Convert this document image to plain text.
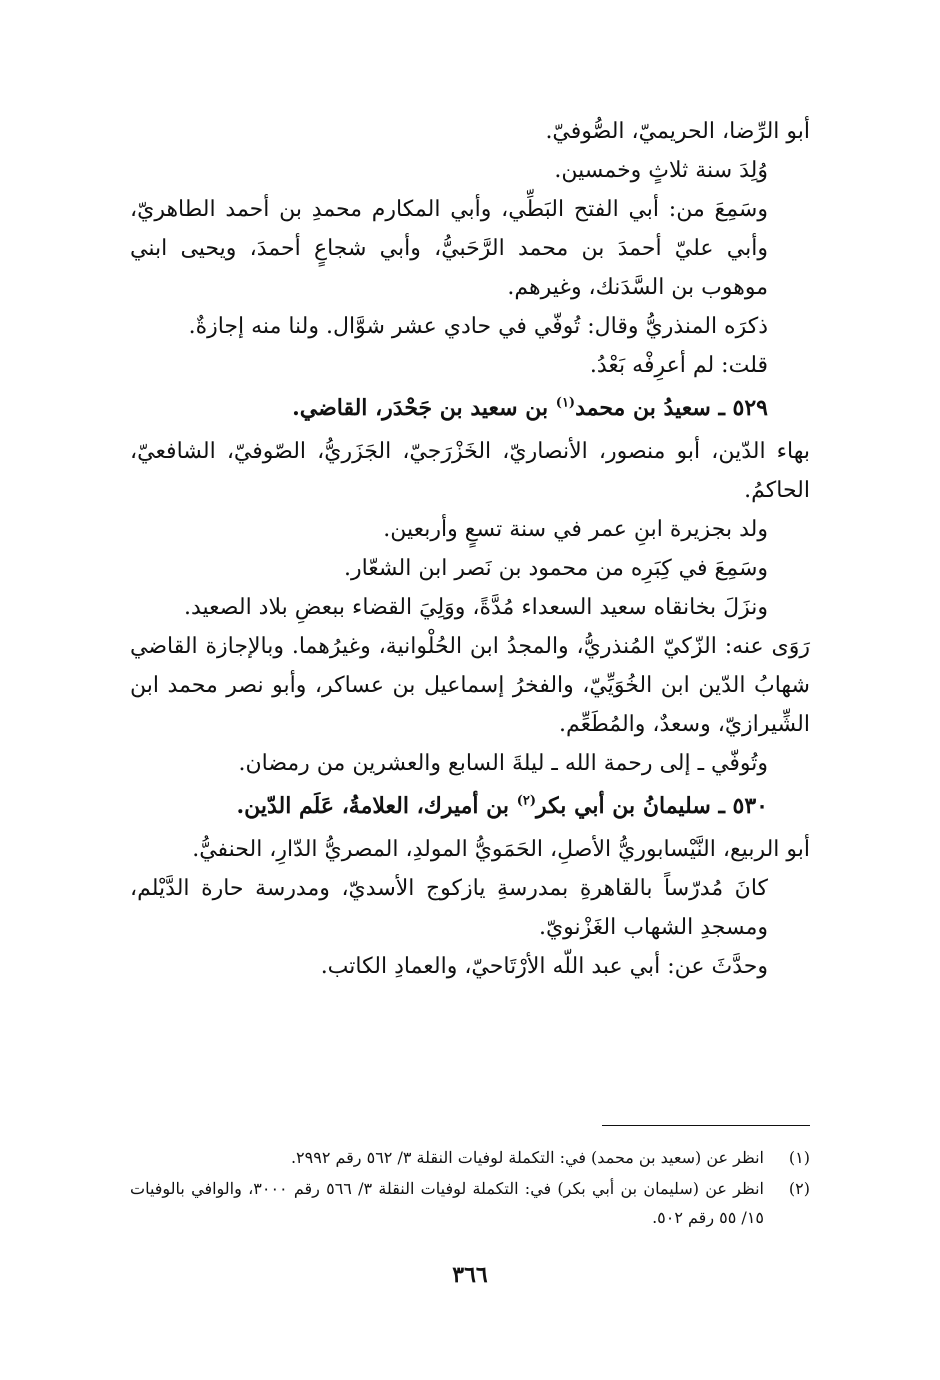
أبو الرِّضا، الحريميّ، الصُّوفيّ.

وُلِدَ سنة ثلاثٍ وخمسين.

وسَمِعَ من: أبي الفتح البَطِّي، وأبي المكارم محمدِ بن أحمد الطاهريّ، وأبي عليّ أحمدَ بن محمد الرَّحَبيُّ، وأبي شجاعٍ أحمدَ، ويحيى ابني موهوب بن السَّدَنك، وغيرهم.

ذكرَه المنذريُّ وقال: تُوفّي في حادي عشر شوَّال. ولنا منه إجازةٌ.

قلت: لم أعرِفْه بَعْدُ.

٥٢٩ ـ سعيدُ بن محمد$^{(١)}$ بن سعيد بن جَحْدَر، القاضي.

بهاء الدّين، أبو منصور، الأنصاريّ، الخَزْرَجيّ، الجَزَريُّ، الصّوفيّ، الشافعيّ، الحاكمُ.

ولد بجزيرة ابنِ عمر في سنة تسعٍ وأربعين.

وسَمِعَ في كِبَرِه من محمود بن نَصر ابن الشعّار.

ونزَلَ بخانقاه سعيد السعداء مُدَّةً، ووَلِيَ القضاء ببعضِ بلاد الصعيد.

رَوَى عنه: الزّكيّ المُنذريُّ، والمجدُ ابن الحُلْوانية، وغيرُهما. وبالإجازة القاضي شهابُ الدّين ابن الخُوَيِّيّ، والفخرُ إسماعيل بن عساكر، وأبو نصر محمد ابن الشِّيرازيّ، وسعدٌ، والمُطَعِّم.

وتُوفّي ـ إلى رحمة الله ـ ليلةَ السابع والعشرين من رمضان.

٥٣٠ ـ سليمانُ بن أبي بكر$^{(٢)}$ بن أميرك، العلامةُ، عَلَم الدّين.

أبو الربيع، النَّيْسابوريُّ الأصلِ، الحَمَويُّ المولدِ، المصريُّ الدّارِ، الحنفيُّ.

كانَ مُدرّساً بالقاهرةِ بمدرسةِ يازكوج الأسديّ، ومدرسة حارة الدَّيْلم، ومسجدِ الشهاب الغَزْنويّ.

وحدَّثَ عن: أبي عبد اللّه الأرْتَاحيّ، والعمادِ الكاتب.

(١)
انظر عن (سعيد بن محمد) في: التكملة لوفيات النقلة ٣/ ٥٦٢ رقم ٢٩٩٢.

(٢)
انظر عن (سليمان بن أبي بكر) في: التكملة لوفيات النقلة ٣/ ٥٦٦ رقم ٣٠٠٠، والوافي بالوفيات ١٥/ ٥٥ رقم ٥٠٢.

٣٦٦
